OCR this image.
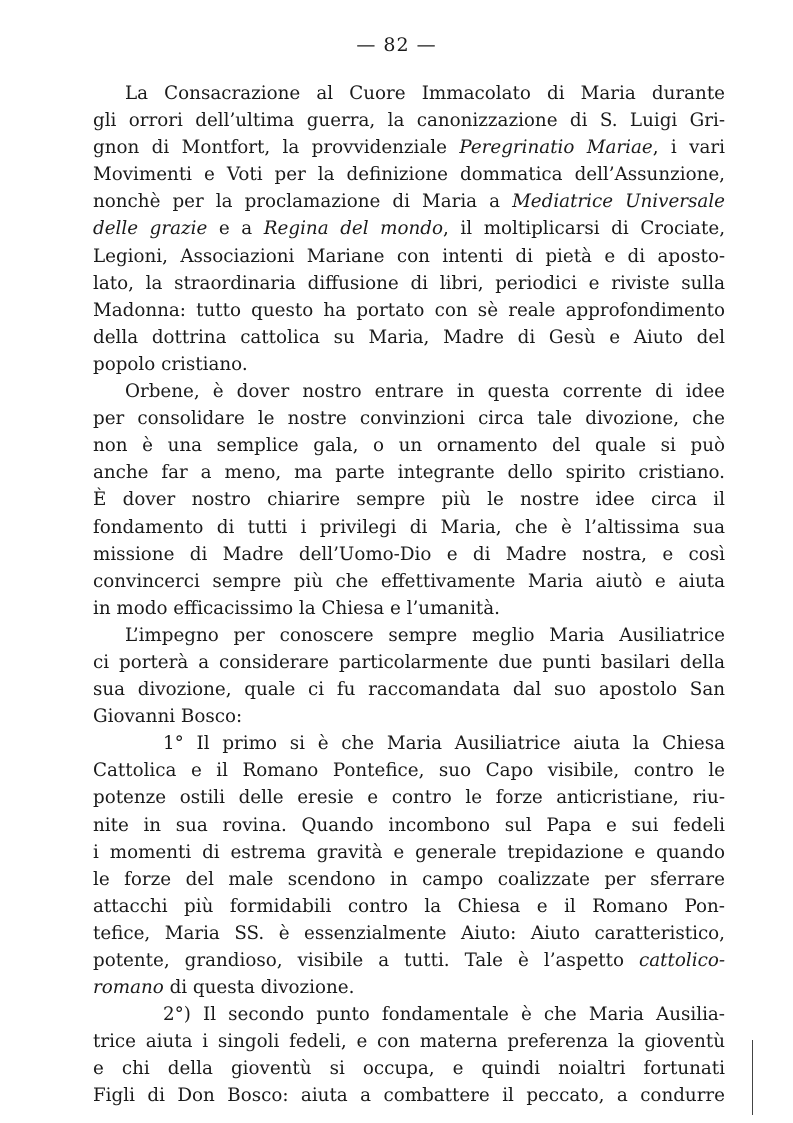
— 82 —
La Consacrazione al Cuore Immacolato di Maria durante
gli orrori dell’ultima guerra, la canonizzazione di S. Luigi Gri-
gnon di Montfort, la provvidenziale Peregrinatio Mariae, i vari
Movimenti e Voti per la definizione dommatica dell’Assunzione,
nonchè per la proclamazione di Maria a Mediatrice Universale
delle grazie e a Regina del mondo, il moltiplicarsi di Crociate,
Legioni, Associazioni Mariane con intenti di pietà e di aposto-
lato, la straordinaria diffusione di libri, periodici e riviste sulla
Madonna: tutto questo ha portato con sè reale approfondimento
della dottrina cattolica su Maria, Madre di Gesù e Aiuto del
popolo cristiano.
Orbene, è dover nostro entrare in questa corrente di idee
per consolidare le nostre convinzioni circa tale divozione, che
non è una semplice gala, o un ornamento del quale si può
anche far a meno, ma parte integrante dello spirito cristiano.
È dover nostro chiarire sempre più le nostre idee circa il
fondamento di tutti i privilegi di Maria, che è l’altissima sua
missione di Madre dell’Uomo-Dio e di Madre nostra, e così
convincerci sempre più che effettivamente Maria aiutò e aiuta
in modo efficacissimo la Chiesa e l’umanità.
L’impegno per conoscere sempre meglio Maria Ausiliatrice
ci porterà a considerare particolarmente due punti basilari della
sua divozione, quale ci fu raccomandata dal suo apostolo San
Giovanni Bosco:
1° Il primo si è che Maria Ausiliatrice aiuta la Chiesa
Cattolica e il Romano Pontefice, suo Capo visibile, contro le
potenze ostili delle eresie e contro le forze anticristiane, riu-
nite in sua rovina. Quando incombono sul Papa e sui fedeli
i momenti di estrema gravità e generale trepidazione e quando
le forze del male scendono in campo coalizzate per sferrare
attacchi più formidabili contro la Chiesa e il Romano Pon-
tefice, Maria SS. è essenzialmente Aiuto: Aiuto caratteristico,
potente, grandioso, visibile a tutti. Tale è l’aspetto cattolico-
romano di questa divozione.
2°) Il secondo punto fondamentale è che Maria Ausilia-
trice aiuta i singoli fedeli, e con materna preferenza la gioventù
e chi della gioventù si occupa, e quindi noialtri fortunati
Figli di Don Bosco: aiuta a combattere il peccato, a condurre
